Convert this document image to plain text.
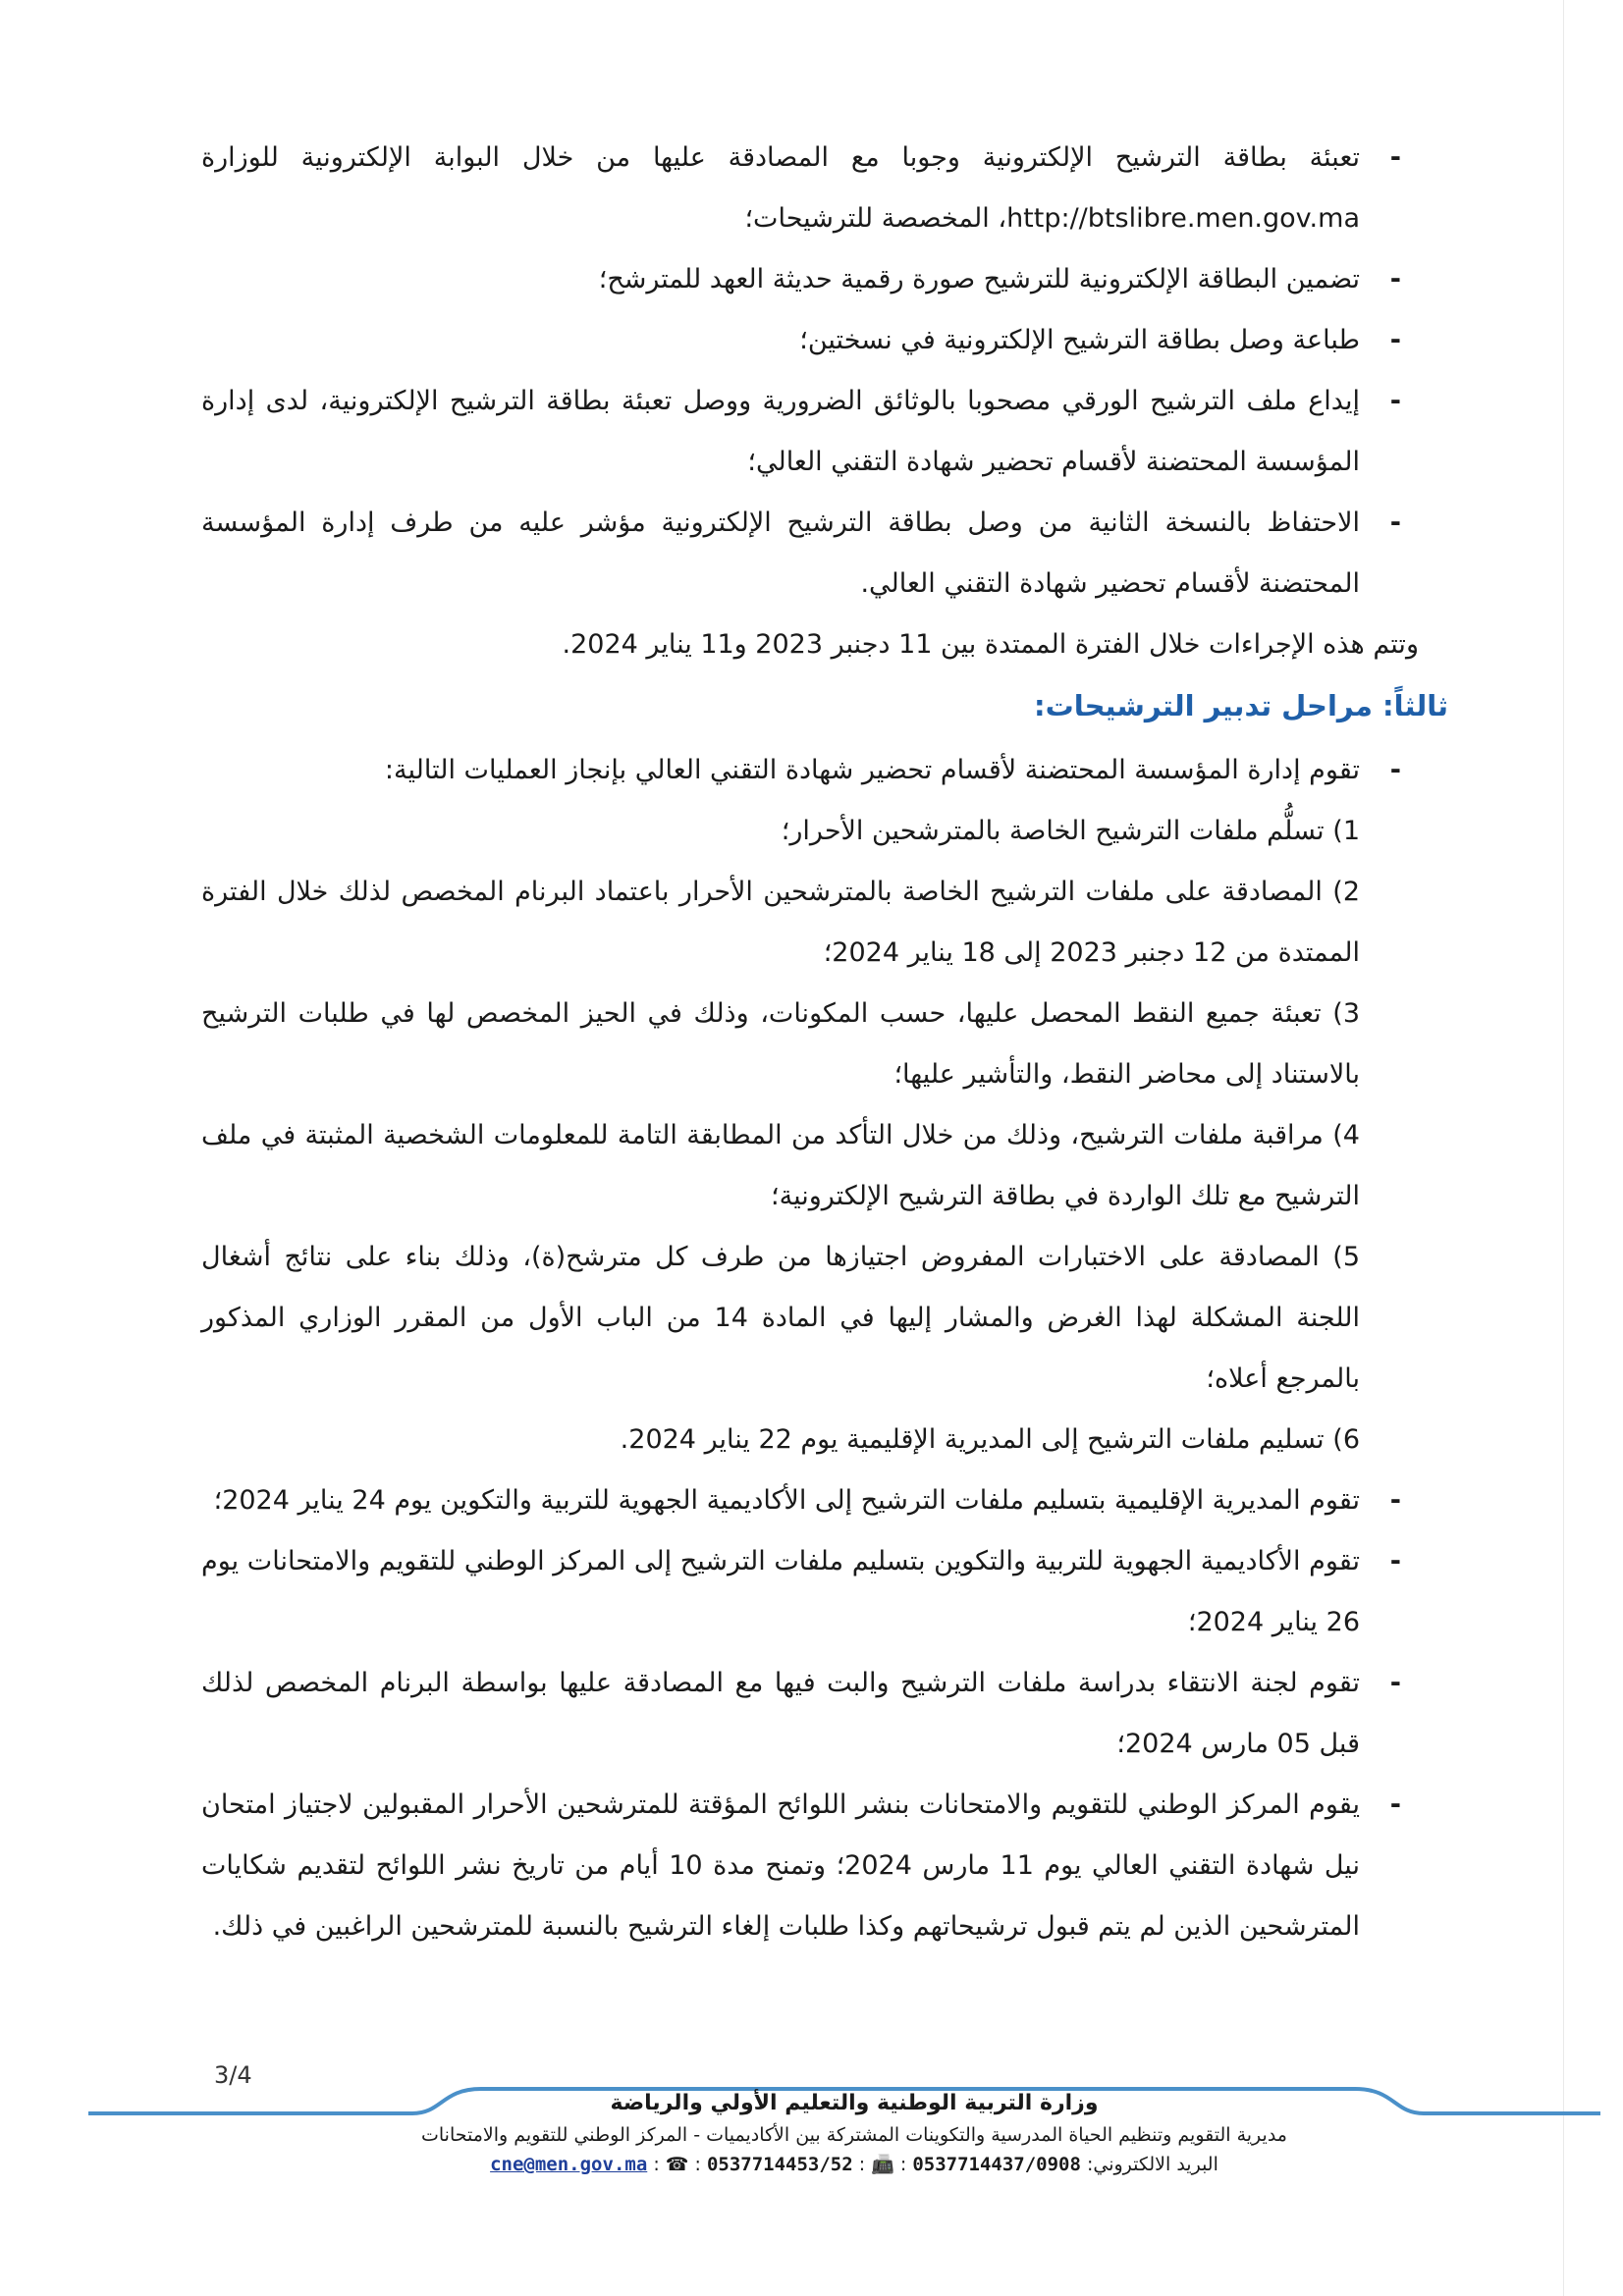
-
تعبئة بطاقة الترشيح الإلكترونية وجوبا مع المصادقة عليها من خلال البوابة الإلكترونية للوزارة http://btslibre.men.gov.ma، المخصصة للترشيحات؛
-
تضمين البطاقة الإلكترونية للترشيح صورة رقمية حديثة العهد للمترشح؛
-
طباعة وصل بطاقة الترشيح الإلكترونية في نسختين؛
-
إيداع ملف الترشيح الورقي مصحوبا بالوثائق الضرورية ووصل تعبئة بطاقة الترشيح الإلكترونية، لدى إدارة المؤسسة المحتضنة لأقسام تحضير شهادة التقني العالي؛
-
الاحتفاظ بالنسخة الثانية من وصل بطاقة الترشيح الإلكترونية مؤشر عليه من طرف إدارة المؤسسة المحتضنة لأقسام تحضير شهادة التقني العالي.
وتتم هذه الإجراءات خلال الفترة الممتدة بين 11 دجنبر 2023 و11 يناير 2024.
ثالثاً: مراحل تدبير الترشيحات:
-
تقوم إدارة المؤسسة المحتضنة لأقسام تحضير شهادة التقني العالي بإنجاز العمليات التالية:
1) تسلُّم ملفات الترشيح الخاصة بالمترشحين الأحرار؛
2) المصادقة على ملفات الترشيح الخاصة بالمترشحين الأحرار باعتماد البرنام المخصص لذلك خلال الفترة الممتدة من 12 دجنبر 2023 إلى 18 يناير 2024؛
3) تعبئة جميع النقط المحصل عليها، حسب المكونات، وذلك في الحيز المخصص لها في طلبات الترشيح بالاستناد إلى محاضر النقط، والتأشير عليها؛
4) مراقبة ملفات الترشيح، وذلك من خلال التأكد من المطابقة التامة للمعلومات الشخصية المثبتة في ملف الترشيح مع تلك الواردة في بطاقة الترشيح الإلكترونية؛
5) المصادقة على الاختبارات المفروض اجتيازها من طرف كل مترشح(ة)، وذلك بناء على نتائج أشغال اللجنة المشكلة لهذا الغرض والمشار إليها في المادة 14 من الباب الأول من المقرر الوزاري المذكور بالمرجع أعلاه؛
6) تسليم ملفات الترشيح إلى المديرية الإقليمية يوم 22 يناير 2024.
-
تقوم المديرية الإقليمية بتسليم ملفات الترشيح إلى الأكاديمية الجهوية للتربية والتكوين يوم 24 يناير 2024؛
-
تقوم الأكاديمية الجهوية للتربية والتكوين بتسليم ملفات الترشيح إلى المركز الوطني للتقويم والامتحانات يوم 26 يناير 2024؛
-
تقوم لجنة الانتقاء بدراسة ملفات الترشيح والبت فيها مع المصادقة عليها بواسطة البرنام المخصص لذلك قبل 05 مارس 2024؛
-
يقوم المركز الوطني للتقويم والامتحانات بنشر اللوائح المؤقتة للمترشحين الأحرار المقبولين لاجتياز امتحان نيل شهادة التقني العالي يوم 11 مارس 2024؛ وتمنح مدة 10 أيام من تاريخ نشر اللوائح لتقديم شكايات المترشحين الذين لم يتم قبول ترشيحاتهم وكذا طلبات إلغاء الترشيح بالنسبة للمترشحين الراغبين في ذلك.
3/4
وزارة التربية الوطنية والتعليم الأولي والرياضة
مديرية التقويم وتنظيم الحياة المدرسية والتكوينات المشتركة بين الأكاديميات - المركز الوطني للتقويم والامتحانات
البريد الالكتروني: cne@men.gov.ma : ☎ : 0537714453/52 : 📠 : 0537714437/0908
